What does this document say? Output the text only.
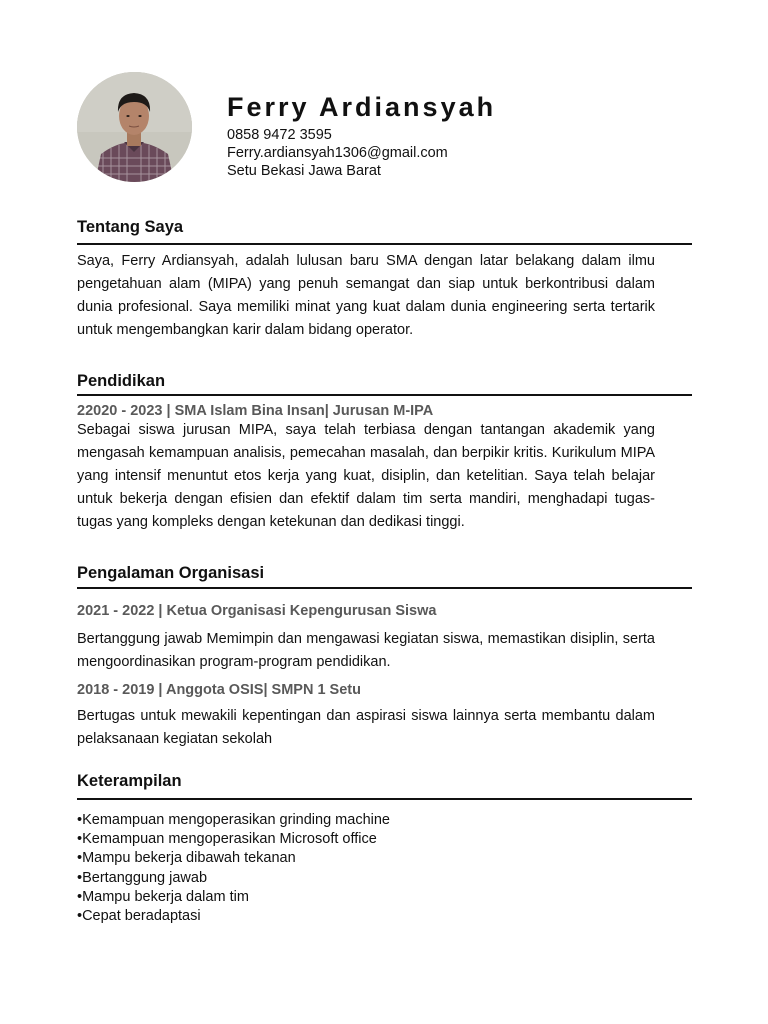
Ferry Ardiansyah
0858 9472 3595
Ferry.ardiansyah1306@gmail.com
Setu Bekasi Jawa Barat
Tentang Saya
Saya, Ferry Ardiansyah, adalah lulusan baru SMA dengan latar belakang dalam ilmu pengetahuan alam (MIPA) yang penuh semangat dan siap untuk berkontribusi dalam dunia profesional. Saya memiliki minat yang kuat dalam dunia engineering serta tertarik untuk mengembangkan karir dalam bidang operator.
Pendidikan
22020 - 2023 | SMA Islam Bina Insan| Jurusan M-IPA
Sebagai siswa jurusan MIPA, saya telah terbiasa dengan tantangan akademik yang mengasah kemampuan analisis, pemecahan masalah, dan berpikir kritis. Kurikulum MIPA yang intensif menuntut etos kerja yang kuat, disiplin, dan ketelitian. Saya telah belajar untuk bekerja dengan efisien dan efektif dalam tim serta mandiri, menghadapi tugas-tugas yang kompleks dengan ketekunan dan dedikasi tinggi.
Pengalaman Organisasi
2021 - 2022 | Ketua Organisasi Kepengurusan Siswa
Bertanggung jawab Memimpin dan mengawasi kegiatan siswa, memastikan disiplin, serta mengoordinasikan program-program pendidikan.
2018 - 2019 | Anggota OSIS| SMPN 1 Setu
Bertugas untuk mewakili kepentingan dan aspirasi siswa lainnya serta membantu dalam pelaksanaan kegiatan sekolah
Keterampilan
• Kemampuan mengoperasikan grinding machine
• Kemampuan mengoperasikan Microsoft office
• Mampu bekerja dibawah tekanan
• Bertanggung jawab
• Mampu bekerja dalam tim
• Cepat beradaptasi
